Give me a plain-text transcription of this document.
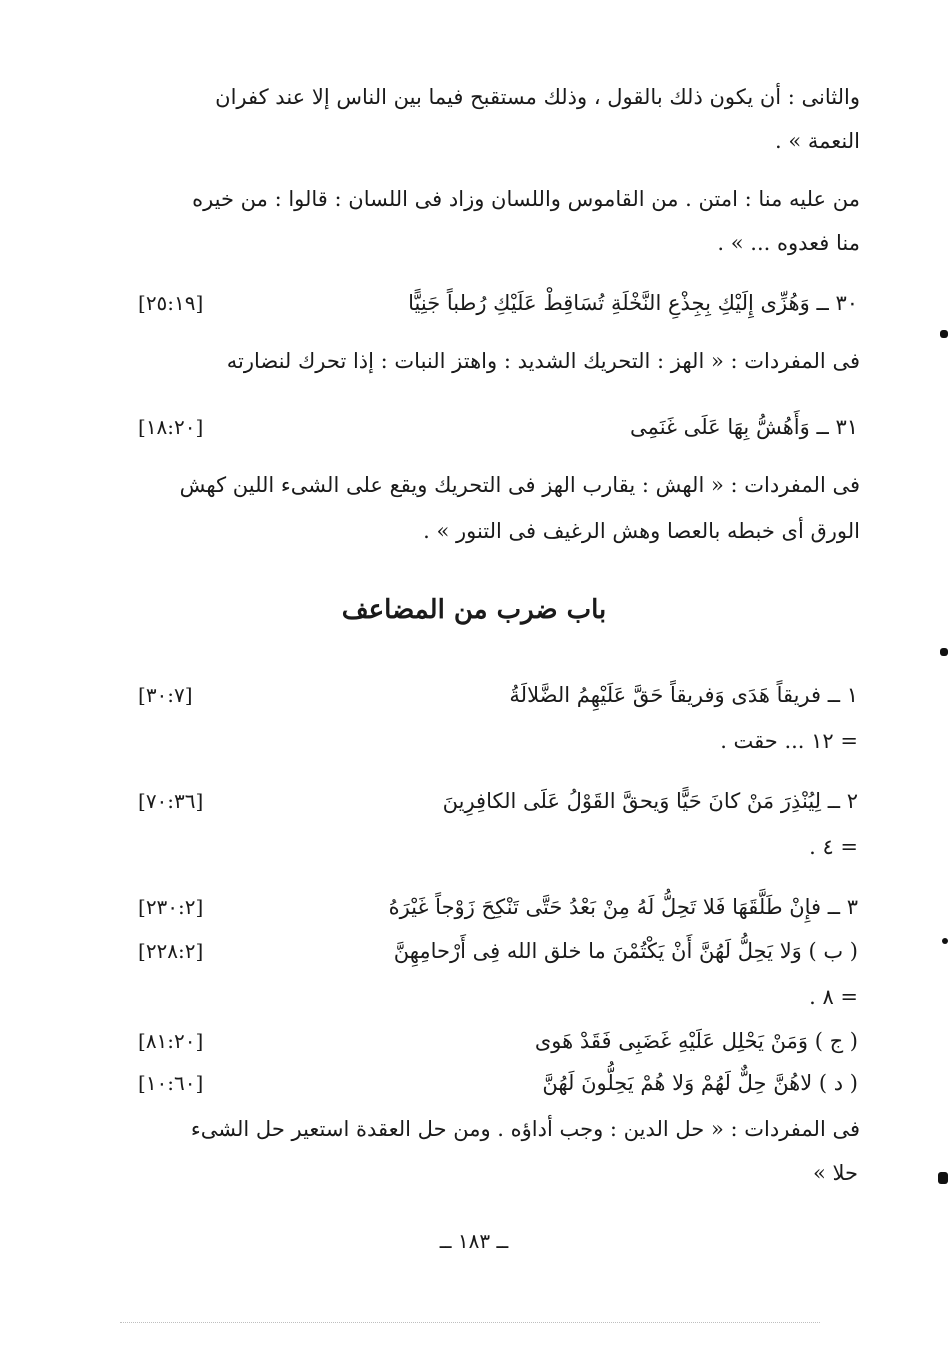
والثانى : أن يكون ذلك بالقول ، وذلك مستقبح فيما بين الناس إلا عند كفران
النعمة » .
من عليه منا : امتن . من القاموس واللسان وزاد فى اللسان : قالوا : من خيره
منا فعدوه ... » .
٣٠ ــ وَهُزِّى إِلَيْكِ بِجِذْعِ النَّخْلَةِ تُسَاقِطْ عَلَيْكِ رُطباً جَنِيًّا
[٢٥:١٩]
فى المفردات : « الهز : التحريك الشديد : واهتز النبات : إذا تحرك لنضارته
٣١ ــ وَأَهُشُّ بِهَا عَلَى غَنَمِى
[١٨:٢٠]
فى المفردات : « الهش : يقارب الهز فى التحريك ويقع على الشىء اللين كهش
الورق أى خبطه بالعصا وهش الرغيف فى التنور » .
باب ضرب من المضاعف
١ ــ فريقاً هَدَى وَفريقاً حَقَّ عَلَيْهِمُ الضَّلالَةُ
[٣٠:٧]
= ١٢ ... حقت .
٢ ــ لِيُنْذِرَ مَنْ كانَ حَيًّا وَيحقَّ القَوْلُ عَلَى الكافِرِينَ
[٧٠:٣٦]
= ٤ .
٣ ــ فإِنْ طَلَّقَهَا فَلا تَحِلُّ لَهُ مِنْ بَعْدُ حَتَّى تَنْكِحَ زَوْجاً غَيْرَهُ
[٢٣٠:٢]
( ب ) وَلا يَحِلُّ لَهُنَّ أَنْ يَكْتُمْنَ ما خلق الله فِى أَرْحامِهِنَّ
[٢٢٨:٢]
= ٨ .
( ج ) وَمَنْ يَحْلِل عَلَيْهِ غَضَبِى فَقَدْ هَوى
[٨١:٢٠]
( د ) لاهُنَّ حِلٌّ لَهُمْ وَلا هُمْ يَحِلُّونَ لَهُنَّ
[١٠:٦٠]
فى المفردات : « حل الدين : وجب أداؤه . ومن حل العقدة استعير حل الشىء
حلا »
ــ ١٨٣ ــ
